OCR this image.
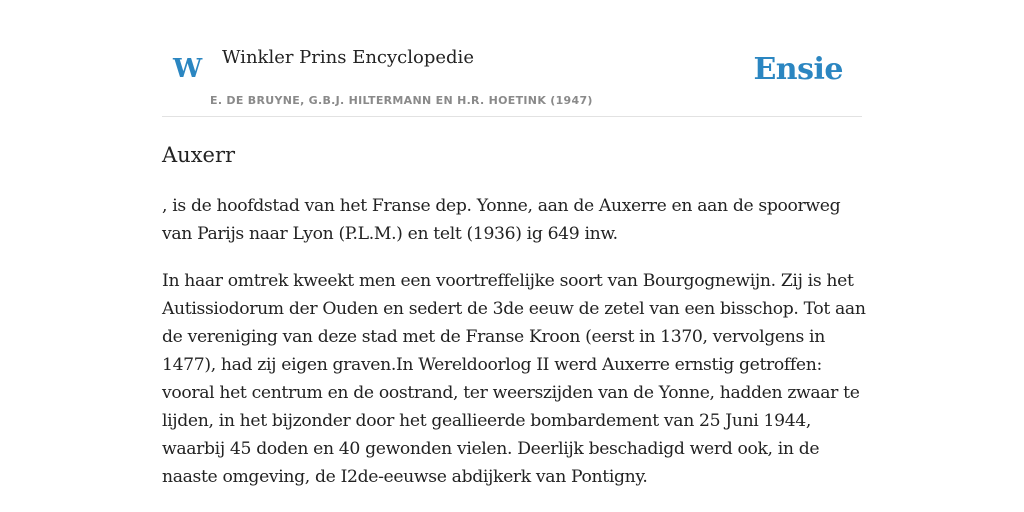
W Winkler Prins Encyclopedie
E. DE BRUYNE, G.B.J. HILTERMANN EN H.R. HOETINK (1947)
Ensie
Auxerr

, is de hoofdstad van het Franse dep. Yonne, aan de Auxerre en aan de spoorweg van Parijs naar Lyon (P.L.M.) en telt (1936) ig 649 inw.

In haar omtrek kweekt men een voortreffelijke soort van Bourgognewijn. Zij is het Autissiodorum der Ouden en sedert de 3de eeuw de zetel van een bisschop. Tot aan de vereniging van deze stad met de Franse Kroon (eerst in 1370, vervolgens in 1477), had zij eigen graven.In Wereldoorlog II werd Auxerre ernstig getroffen: vooral het centrum en de oostrand, ter weerszijden van de Yonne, hadden zwaar te lijden, in het bijzonder door het geallieerde bombardement van 25 Juni 1944, waarbij 45 doden en 40 gewonden vielen. Deerlijk beschadigd werd ook, in de naaste omgeving, de I2de-eeuwse abdijkerk van Pontigny.
